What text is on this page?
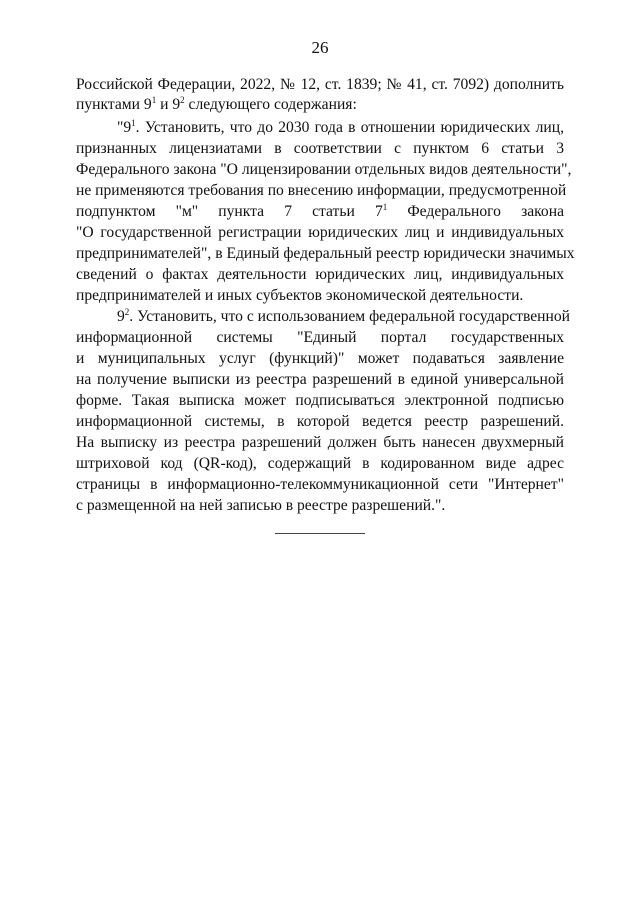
26
Российской Федерации, 2022, № 12, ст. 1839; № 41, ст. 7092) дополнить
пунктами $9^1$ и $9^2$ следующего содержания:
"$9^1$. Установить, что до 2030 года в отношении юридических лиц,
признанных лицензиатами в соответствии с пунктом 6 статьи 3
Федерального закона "О лицензировании отдельных видов деятельности",
не применяются требования по внесению информации, предусмотренной
подпунктом "м" пункта 7 статьи $7^1$ Федерального закона
"О государственной регистрации юридических лиц и индивидуальных
предпринимателей", в Единый федеральный реестр юридически значимых
сведений о фактах деятельности юридических лиц, индивидуальных
предпринимателей и иных субъектов экономической деятельности.
$9^2$. Установить, что с использованием федеральной государственной
информационной системы "Единый портал государственных
и муниципальных услуг (функций)" может подаваться заявление
на получение выписки из реестра разрешений в единой универсальной
форме. Такая выписка может подписываться электронной подписью
информационной системы, в которой ведется реестр разрешений.
На выписку из реестра разрешений должен быть нанесен двухмерный
штриховой код (QR-код), содержащий в кодированном виде адрес
страницы в информационно-телекоммуникационной сети "Интернет"
с размещенной на ней записью в реестре разрешений.".
